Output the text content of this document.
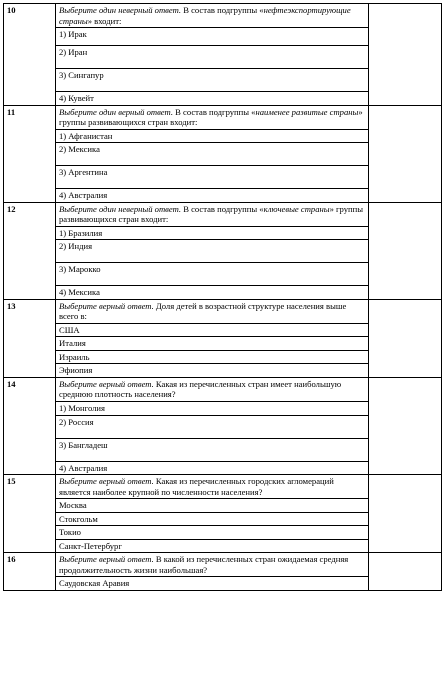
10	Выберите один неверный ответ. В состав подгруппы «нефтеэкспортирующие страны» входит:	
	1) Ирак	
	2) Иран	
	3) Сингапур	
	4) Кувейт	
11	Выберите один верный ответ. В состав подгруппы «наименее развитые страны» группы развивающихся стран входит:	
	1) Афганистан	
	2) Мексика	
	3) Аргентина	
	4) Австралия	
12	Выберите один неверный ответ. В состав подгруппы «ключевые страны» группы развивающихся стран входит:	
	1) Бразилия	
	2) Индия	
	3) Марокко	
	4) Мексика	
13	Выберите верный ответ. Доля детей в возрастной структуре населения выше всего в:	
	США	
	Италия	
	Израиль	
	Эфиопия	
14	Выберите верный ответ. Какая из перечисленных стран имеет наибольшую среднюю плотность населения?	
	1) Монголия	
	2) Россия	
	3) Бангладеш	
	4) Австралия	
15	Выберите верный ответ. Какая из перечисленных городских агломераций является наиболее крупной по численности населения?	
	Москва	
	Стокгольм	
	Токио	
	Санкт-Петербург	
16	Выберите верный ответ. В какой из перечисленных стран ожидаемая средняя продолжительность жизни наибольшая?	
	Саудовская Аравия	
